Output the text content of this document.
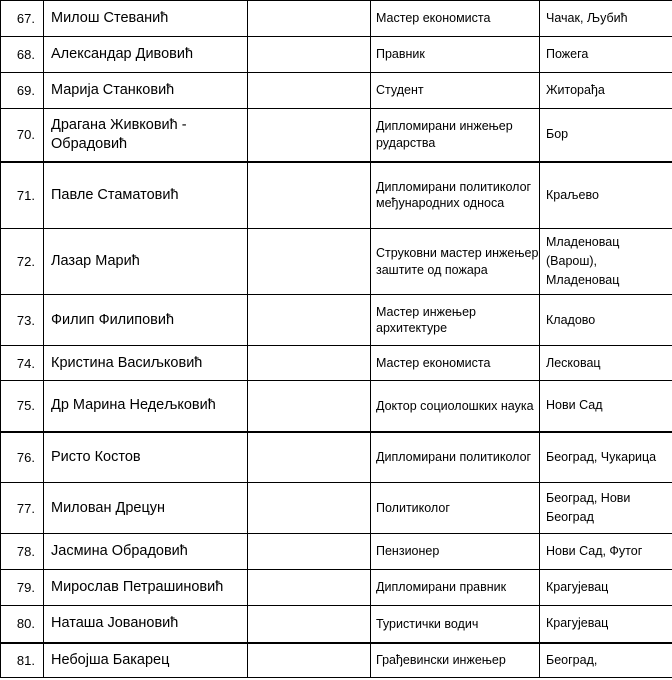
67.	Милош Стеванић		Мастер економиста	Чачак, Љубић
68.	Александар Дивовић		Правник	Пожега
69.	Марија Станковић		Студент	Житорађа
70.	Драгана Живковић - Обрадовић		Дипломирани инжењер рударства	Бор
71.	Павле Стаматовић		Дипломирани политиколог међународних односа	Краљево
72.	Лазар Марић		Струковни мастер инжењер заштите од пожара	Младеновац (Варош), Младеновац
73.	Филип Филиповић		Мастер инжењер архитектуре	Кладово
74.	Кристина Васиљковић		Мастер економиста	Лесковац
75.	Др Марина Недељковић		Доктор социолошких наука	Нови Сад
76.	Ристо Костов		Дипломирани политиколог	Београд, Чукарица
77.	Милован Дрецун		Политиколог	Београд, Нови Београд
78.	Јасмина Обрадовић		Пензионер	Нови Сад, Футог
79.	Мирослав Петрашиновић		Дипломирани правник	Крагујевац
80.	Наташа Јовановић		Туристички водич	Крагујевац
81.	Небојша Бакарец		Грађевински инжењер	Београд,
